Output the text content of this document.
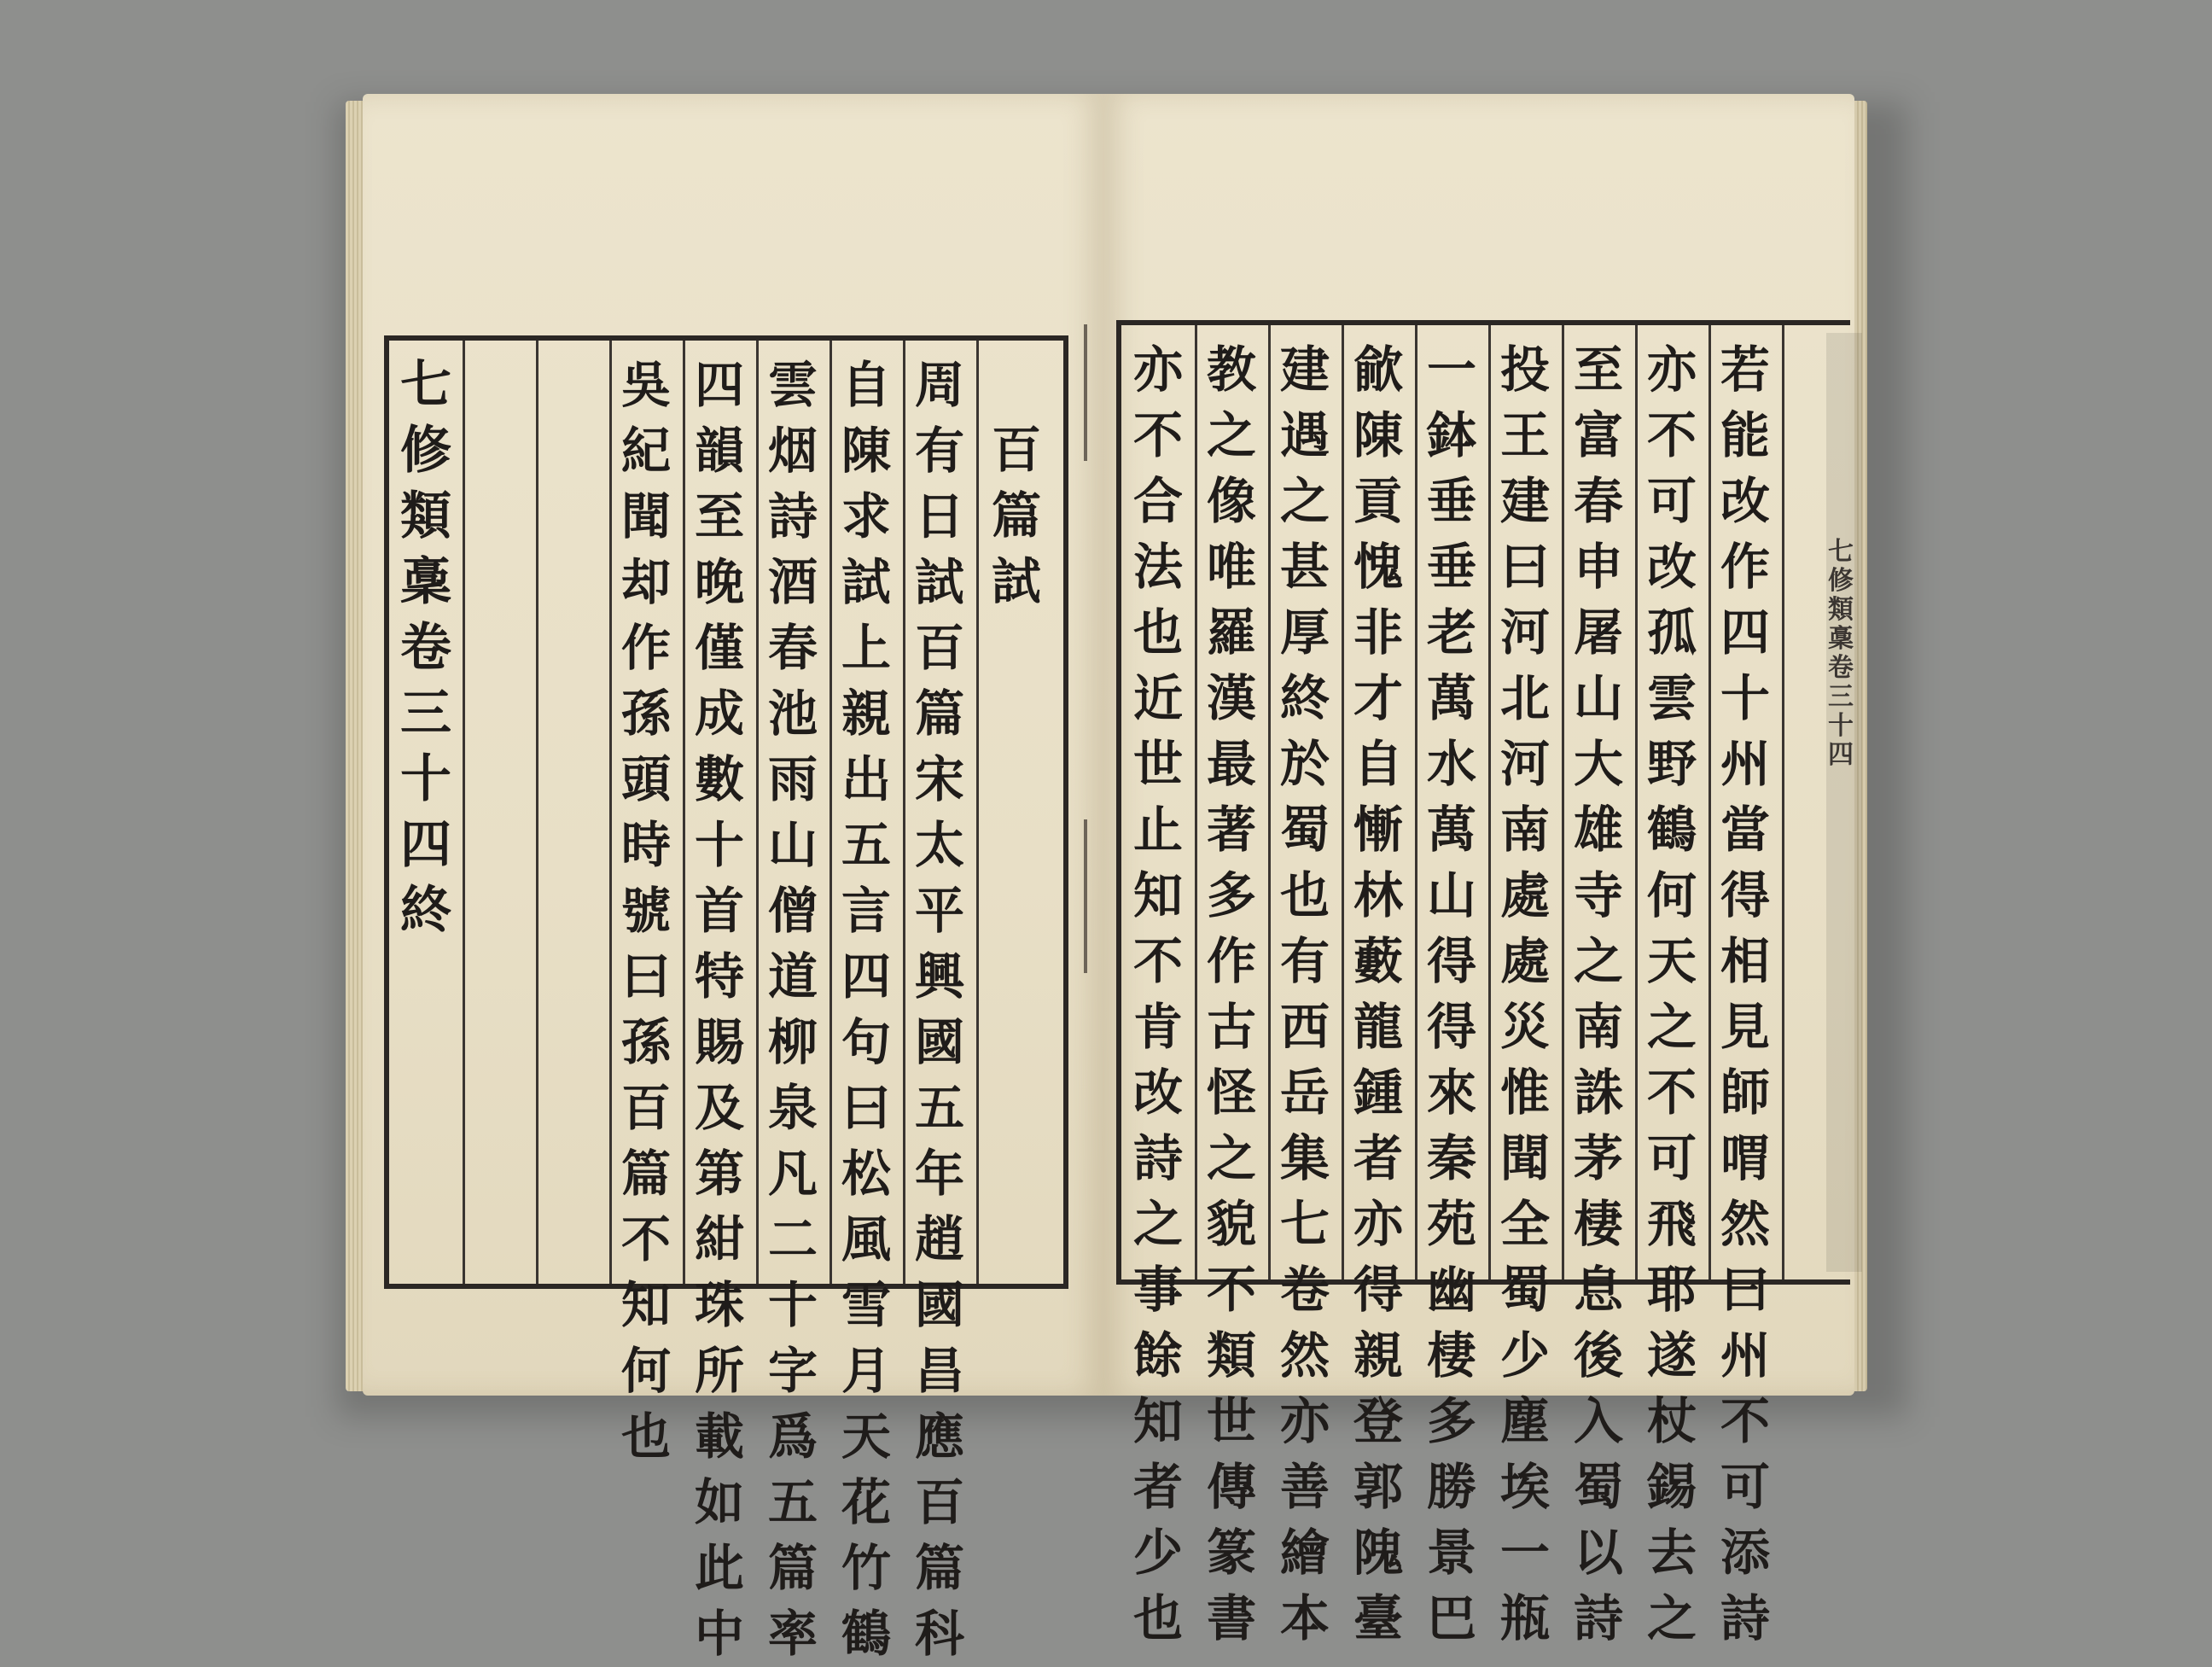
七
修
類
稾
卷
三
十
四
終
吳
紀
聞
却
作
孫
頭
時
號
曰
孫
百
篇
不
知
何
也
四
韻
至
晚
僅
成
數
十
首
特
賜
及
第
紺
珠
所
載
如
此
中
雲
烟
詩
酒
春
池
雨
山
僧
道
柳
泉
凡
二
十
字
爲
五
篇
率
自
陳
求
試
上
親
出
五
言
四
句
曰
松
風
雪
月
天
花
竹
鶴
周
有
日
試
百
篇
宋
太
平
興
國
五
年
趙
國
昌
應
百
篇
科
百
篇
試
亦
不
合
法
也
近
世
止
知
不
肯
改
詩
之
事
餘
知
者
少
也
教
之
像
唯
羅
漢
最
著
多
作
古
怪
之
貌
不
類
世
傳
篆
書
建
遇
之
甚
厚
終
於
蜀
也
有
西
岳
集
七
卷
然
亦
善
繪
本
歈
陳
貢
愧
非
才
自
慚
林
藪
龍
鍾
者
亦
得
親
登
郭
隗
臺
一
鉢
垂
垂
老
萬
水
萬
山
得
得
來
秦
苑
幽
棲
多
勝
景
巴
投
王
建
曰
河
北
河
南
處
處
災
惟
聞
全
蜀
少
塵
埃
一
瓶
至
富
春
申
屠
山
大
雄
寺
之
南
誅
茅
棲
息
後
入
蜀
以
詩
亦
不
可
改
孤
雲
野
鶴
何
天
之
不
可
飛
耶
遂
杖
錫
去
之
若
能
改
作
四
十
州
當
得
相
見
師
喟
然
曰
州
不
可
添
詩
七
修
類
稾
卷
三
十
四
